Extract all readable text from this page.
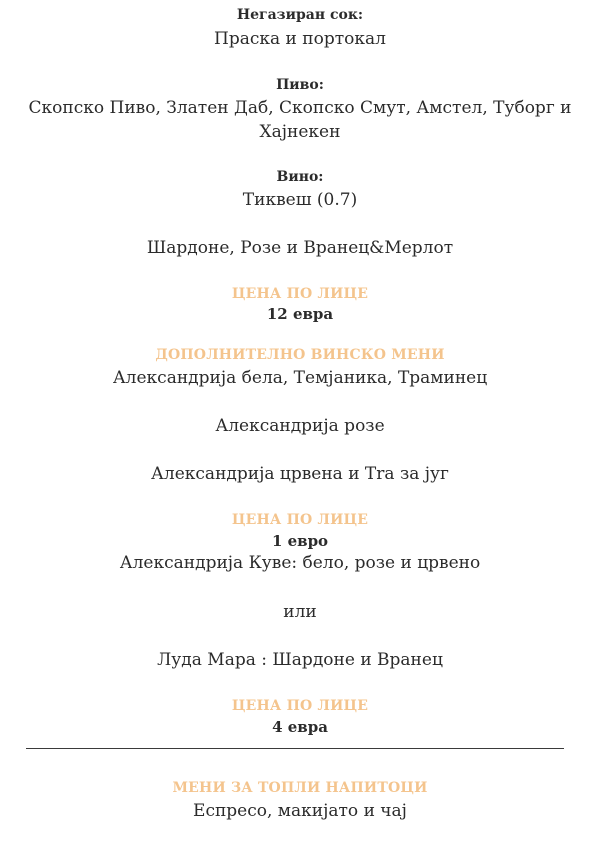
Негазиран сок:
Праска и портокал
Пиво:
Скопско Пиво, Златен Даб, Скопско Смут, Амстел, Туборг и
Хајнекен
Вино:
Тиквеш (0.7)
Шардоне, Розе и Вранец&Мерлот
ЦЕНА ПО ЛИЦЕ
12 евра
ДОПОЛНИТЕЛНО ВИНСКО МЕНИ
Александрија бела, Темјаника, Траминец
Александрија розе
Александрија црвена и Tra за југ
ЦЕНА ПО ЛИЦЕ
1 евро
Александрија Куве: бело, розе и црвено
или
Луда Мара : Шардоне и Вранец
ЦЕНА ПО ЛИЦЕ
4 евра
МЕНИ ЗА ТОПЛИ НАПИТОЦИ
Еспресо, макијато и чај
